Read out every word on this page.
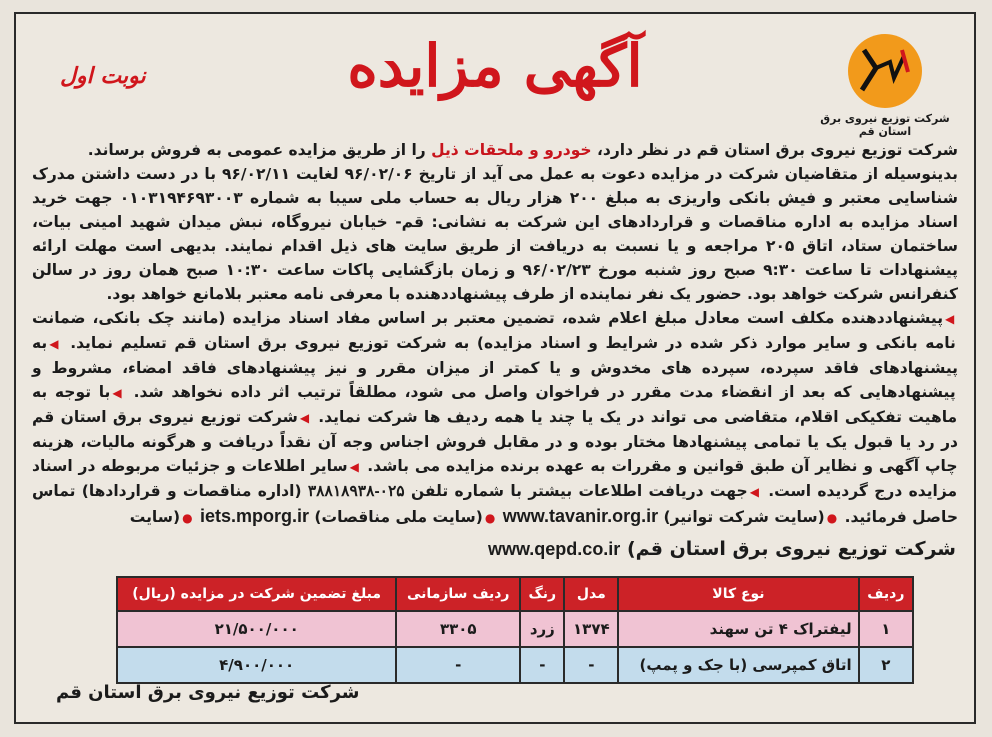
شرکت توزیع نیروی برق استان قم
آگهی مزایده
نوبت اول

شرکت توزیع نیروی برق استان قم در نظر دارد، خودرو و ملحقات ذیل را از طریق مزایده عمومی به فروش برساند.

بدینوسیله از متقاضیان شرکت در مزایده دعوت به عمل می آید از تاریخ ۹۶/۰۲/۰۶ لغایت ۹۶/۰۲/۱۱ با در دست داشتن مدرک شناسایی معتبر و فیش بانکی واریزی به مبلغ ۲۰۰ هزار ریال به حساب ملی سیبا به شماره ۰۱۰۳۱۹۴۶۹۳۰۰۳ جهت خرید اسناد مزایده به اداره مناقصات و قراردادهای این شرکت به نشانی: قم- خیابان نیروگاه، نبش میدان شهید امینی بیات، ساختمان ستاد، اتاق ۲۰۵ مراجعه و یا نسبت به دریافت از طریق سایت های ذیل اقدام نمایند. بدیهی است مهلت ارائه پیشنهادات تا ساعت ۹:۳۰ صبح روز شنبه مورخ ۹۶/۰۲/۲۳ و زمان بازگشایی پاکات ساعت ۱۰:۳۰ صبح همان روز در سالن کنفرانس شرکت خواهد بود. حضور یک نفر نماینده از طرف پیشنهاددهنده با معرفی نامه معتبر بلامانع خواهد بود.

◀پیشنهاددهنده مکلف است معادل مبلغ اعلام شده، تضمین معتبر بر اساس مفاد اسناد مزایده (مانند چک بانکی، ضمانت نامه بانکی و سایر موارد ذکر شده در شرایط و اسناد مزایده) به شرکت توزیع نیروی برق استان قم تسلیم نماید. ◀به پیشنهادهای فاقد سپرده، سپرده های مخدوش و یا کمتر از میزان مقرر و نیز پیشنهادهای فاقد امضاء، مشروط و پیشنهادهایی که بعد از انقضاء مدت مقرر در فراخوان واصل می شود، مطلقاً ترتیب اثر داده نخواهد شد. ◀با توجه به ماهیت تفکیکی اقلام، متقاضی می تواند در یک یا چند یا همه ردیف ها شرکت نماید. ◀شرکت توزیع نیروی برق استان قم در رد یا قبول یک یا تمامی پیشنهادها مختار بوده و در مقابل فروش اجناس وجه آن نقداً دریافت و هرگونه مالیات، هزینه چاپ آگهی و نظایر آن طبق قوانین و مقررات به عهده برنده مزایده می باشد. ◀سایر اطلاعات و جزئیات مربوطه در اسناد مزایده درج گردیده است. ◀جهت دریافت اطلاعات بیشتر با شماره تلفن ۰۲۵-۳۸۸۱۸۹۳۸ (اداره مناقصات و قراردادها) تماس حاصل فرمائید. ●(سایت شرکت توانیر) www.tavanir.org.ir ●(سایت ملی مناقصات) iets.mporg.ir ●(سایت

شرکت توزیع نیروی برق استان قم) www.qepd.co.ir
ردیف	نوع کالا	مدل	رنگ	ردیف سازمانی	مبلغ تضمین شرکت در مزایده (ریال)
۱	لیفتراک ۴ تن سهند	۱۳۷۴	زرد	۳۳۰۵	۲۱/۵۰۰/۰۰۰
۲	اتاق کمپرسی (با جک و پمپ)	-	-	-	۴/۹۰۰/۰۰۰
شرکت توزیع نیروی برق استان قم
